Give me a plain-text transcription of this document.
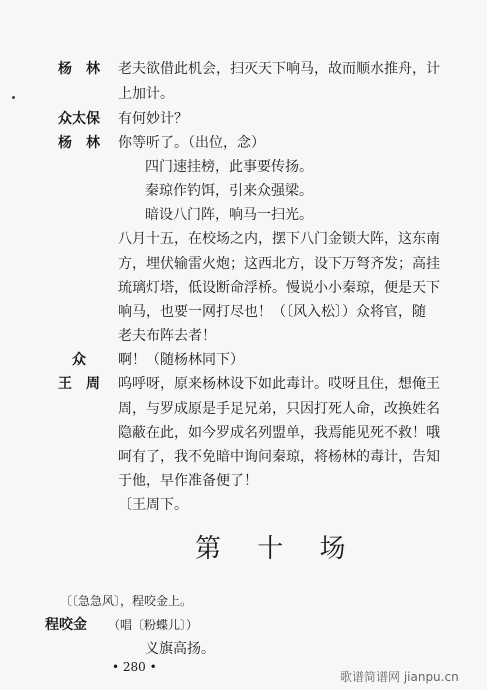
杨　林 老夫欲借此机会，扫灭天下响马，故而顺水推舟，计
上加计。
众太保 有何妙计？
杨　林 你等听了。（出位，念）
四门速挂榜，此事要传扬。
秦琼作钓饵，引来众强梁。
暗设八门阵，响马一扫光。
八月十五，在校场之内，摆下八门金锁大阵，这东南
方，埋伏输雷火炮；这西北方，设下万弩齐发；高挂
琉璃灯塔，低设断命浮桥。慢说小小秦琼，便是天下
响马，也要一网打尽也！（〔风入松〕）众将官，随
老夫布阵去者！
众 啊！（随杨林同下）
王　周 呜呼呀，原来杨林设下如此毒计。哎呀且住，想俺王
周，与罗成原是手足兄弟，只因打死人命，改换姓名
隐蔽在此，如今罗成名列盟单，我焉能见死不救！哦
呵有了，我不免暗中询问秦琼，将杨林的毒计，告知
于他，早作准备便了！
〔王周下。
第 十 场
〔〔急急风〕，程咬金上。
程咬金 （唱〔粉蝶儿〕）
义旗高扬。
• 280 •
歌谱简谱网 jianpu.cn
